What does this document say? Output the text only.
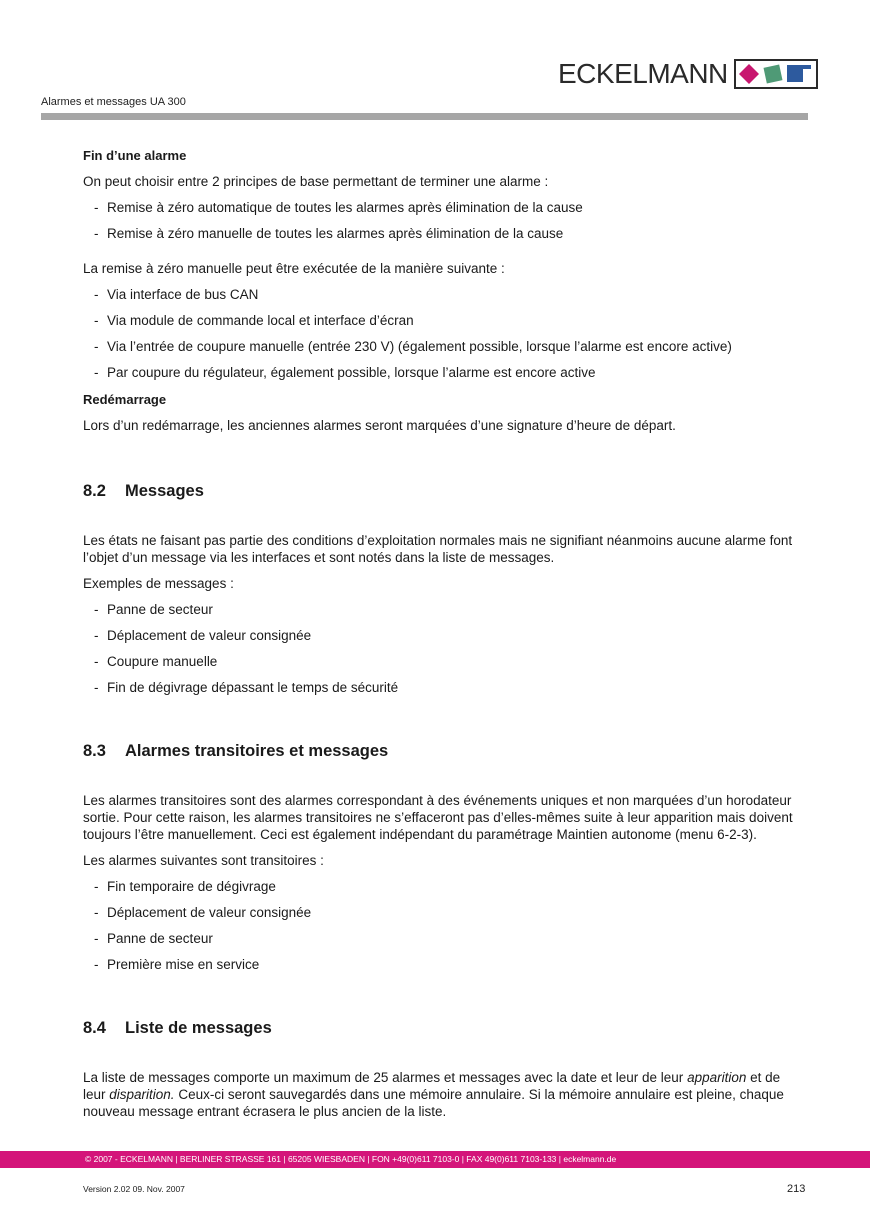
ECKELMANN
Alarmes et messages UA 300

Fin d’une alarme

On peut choisir entre 2 principes de base permettant de terminer une alarme :

- Remise à zéro automatique de toutes les alarmes après élimination de la cause
- Remise à zéro manuelle de toutes les alarmes après élimination de la cause

La remise à zéro manuelle peut être exécutée de la manière suivante :

- Via interface de bus CAN
- Via module de commande local et interface d’écran
- Via l’entrée de coupure manuelle (entrée 230 V) (également possible, lorsque l’alarme est encore active)
- Par coupure du régulateur, également possible, lorsque l’alarme est encore active

Redémarrage

Lors d’un redémarrage, les anciennes alarmes seront marquées d’une signature d’heure de départ.

8.2	Messages

Les états ne faisant pas partie des conditions d’exploitation normales mais ne signifiant néanmoins aucune alarme font l’objet d’un message via les interfaces et sont notés dans la liste de messages.

Exemples de messages :

- Panne de secteur
- Déplacement de valeur consignée
- Coupure manuelle
- Fin de dégivrage dépassant le temps de sécurité
8.3	Alarmes transitoires et messages

Les alarmes transitoires sont des alarmes correspondant à des événements uniques et non marquées d’un horodateur sortie. Pour cette raison, les alarmes transitoires ne s’effaceront pas d’elles-mêmes suite à leur apparition mais doivent toujours l’être manuellement. Ceci est également indépendant du paramétrage Maintien autonome (menu 6-2-3).

Les alarmes suivantes sont transitoires :

- Fin temporaire de dégivrage
- Déplacement de valeur consignée
- Panne de secteur
- Première mise en service
8.4	Liste de messages

La liste de messages comporte un maximum de 25 alarmes et messages avec la date et leur de leur apparition et de leur disparition. Ceux-ci seront sauvegardés dans une mémoire annulaire. Si la mémoire annulaire est pleine, chaque nouveau message entrant écrasera le plus ancien de la liste.

© 2007 - ECKELMANN | BERLINER STRASSE 161 | 65205 WIESBADEN | FON +49(0)611 7103-0 | FAX 49(0)611 7103-133 | eckelmann.de
Version 2.02 09. Nov. 2007	213
